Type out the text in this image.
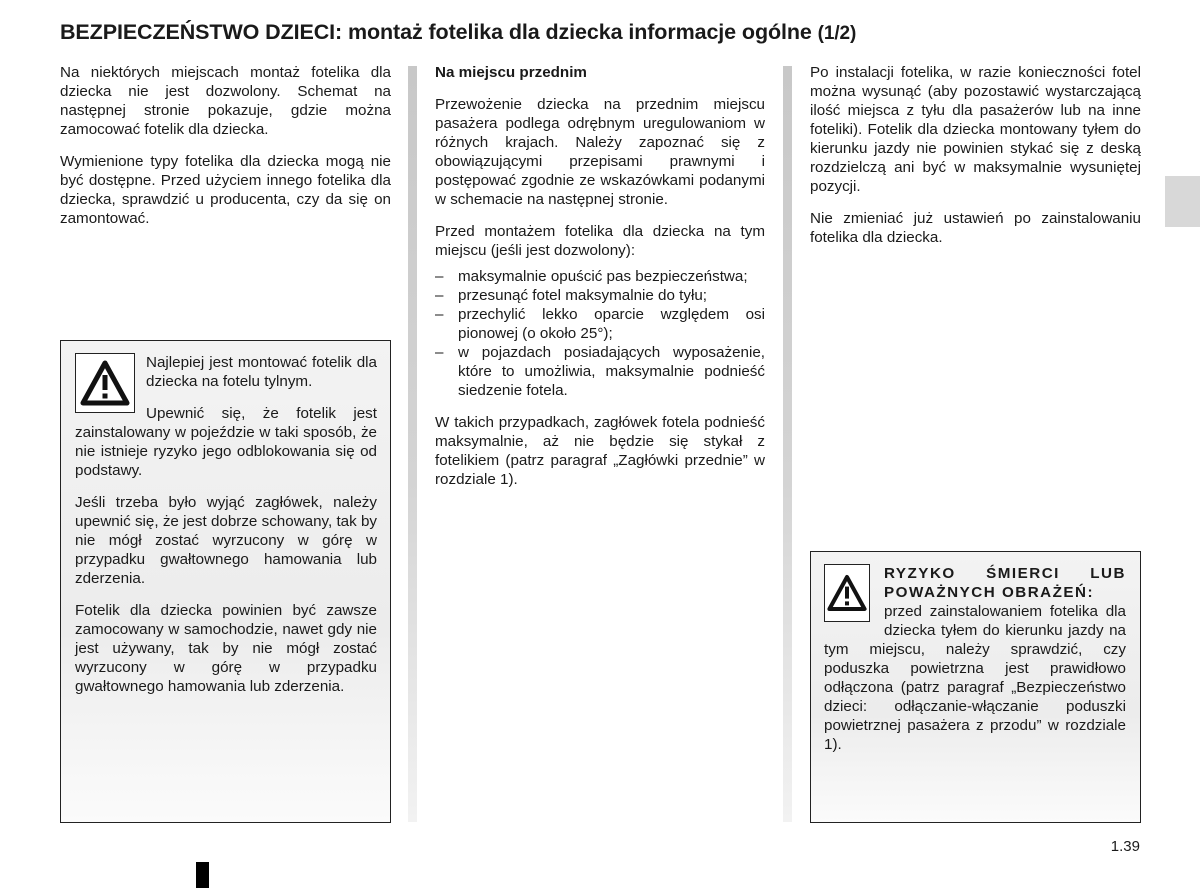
BEZPIECZEŃSTWO DZIECI: montaż fotelika dla dziecka informacje ogólne (1/2)

Na niektórych miejscach montaż fotelika dla dziecka nie jest dozwolony. Schemat na następnej stronie pokazuje, gdzie można zamocować fotelik dla dziecka.

Wymienione typy fotelika dla dziecka mogą nie być dostępne. Przed użyciem innego fotelika dla dziecka, sprawdzić u producenta, czy da się on zamontować.

Najlepiej jest montować fotelik dla dziecka na fotelu tylnym.

Upewnić się, że fotelik jest zainstalowany w pojeździe w taki sposób, że nie istnieje ryzyko jego odblokowania się od podstawy.

Jeśli trzeba było wyjąć zagłówek, należy upewnić się, że jest dobrze schowany, tak by nie mógł zostać wyrzucony w górę w przypadku gwałtownego hamowania lub zderzenia.

Fotelik dla dziecka powinien być zawsze zamocowany w samochodzie, nawet gdy nie jest używany, tak by nie mógł zostać wyrzucony w górę w przypadku gwałtownego hamowania lub zderzenia.

Na miejscu przednim

Przewożenie dziecka na przednim miejscu pasażera podlega odrębnym uregulowaniom w różnych krajach. Należy zapoznać się z obowiązującymi przepisami prawnymi i postępować zgodnie ze wskazówkami podanymi w schemacie na następnej stronie.

Przed montażem fotelika dla dziecka na tym miejscu (jeśli jest dozwolony):

– maksymalnie opuścić pas bezpieczeństwa;
– przesunąć fotel maksymalnie do tyłu;
– przechylić lekko oparcie względem osi pionowej (o około 25°);
– w pojazdach posiadających wyposażenie, które to umożliwia, maksymalnie podnieść siedzenie fotela.

W takich przypadkach, zagłówek fotela podnieść maksymalnie, aż nie będzie się stykał z fotelikiem (patrz paragraf „Zagłówki przednie” w rozdziale 1).

Po instalacji fotelika, w razie konieczności fotel można wysunąć (aby pozostawić wystarczającą ilość miejsca z tyłu dla pasażerów lub na inne foteliki). Fotelik dla dziecka montowany tyłem do kierunku jazdy nie powinien stykać się z deską rozdzielczą ani być w maksymalnie wysuniętej pozycji.

Nie zmieniać już ustawień po zainstalowaniu fotelika dla dziecka.

RYZYKO ŚMIERCI LUB POWAŻNYCH OBRAŻEŃ:

przed zainstalowaniem fotelika dla dziecka tyłem do kierunku jazdy na tym miejscu, należy sprawdzić, czy poduszka powietrzna jest prawidłowo odłączona (patrz paragraf „Bezpieczeństwo dzieci: odłączanie-włączanie poduszki powietrznej pasażera z przodu” w rozdziale 1).

1.39
